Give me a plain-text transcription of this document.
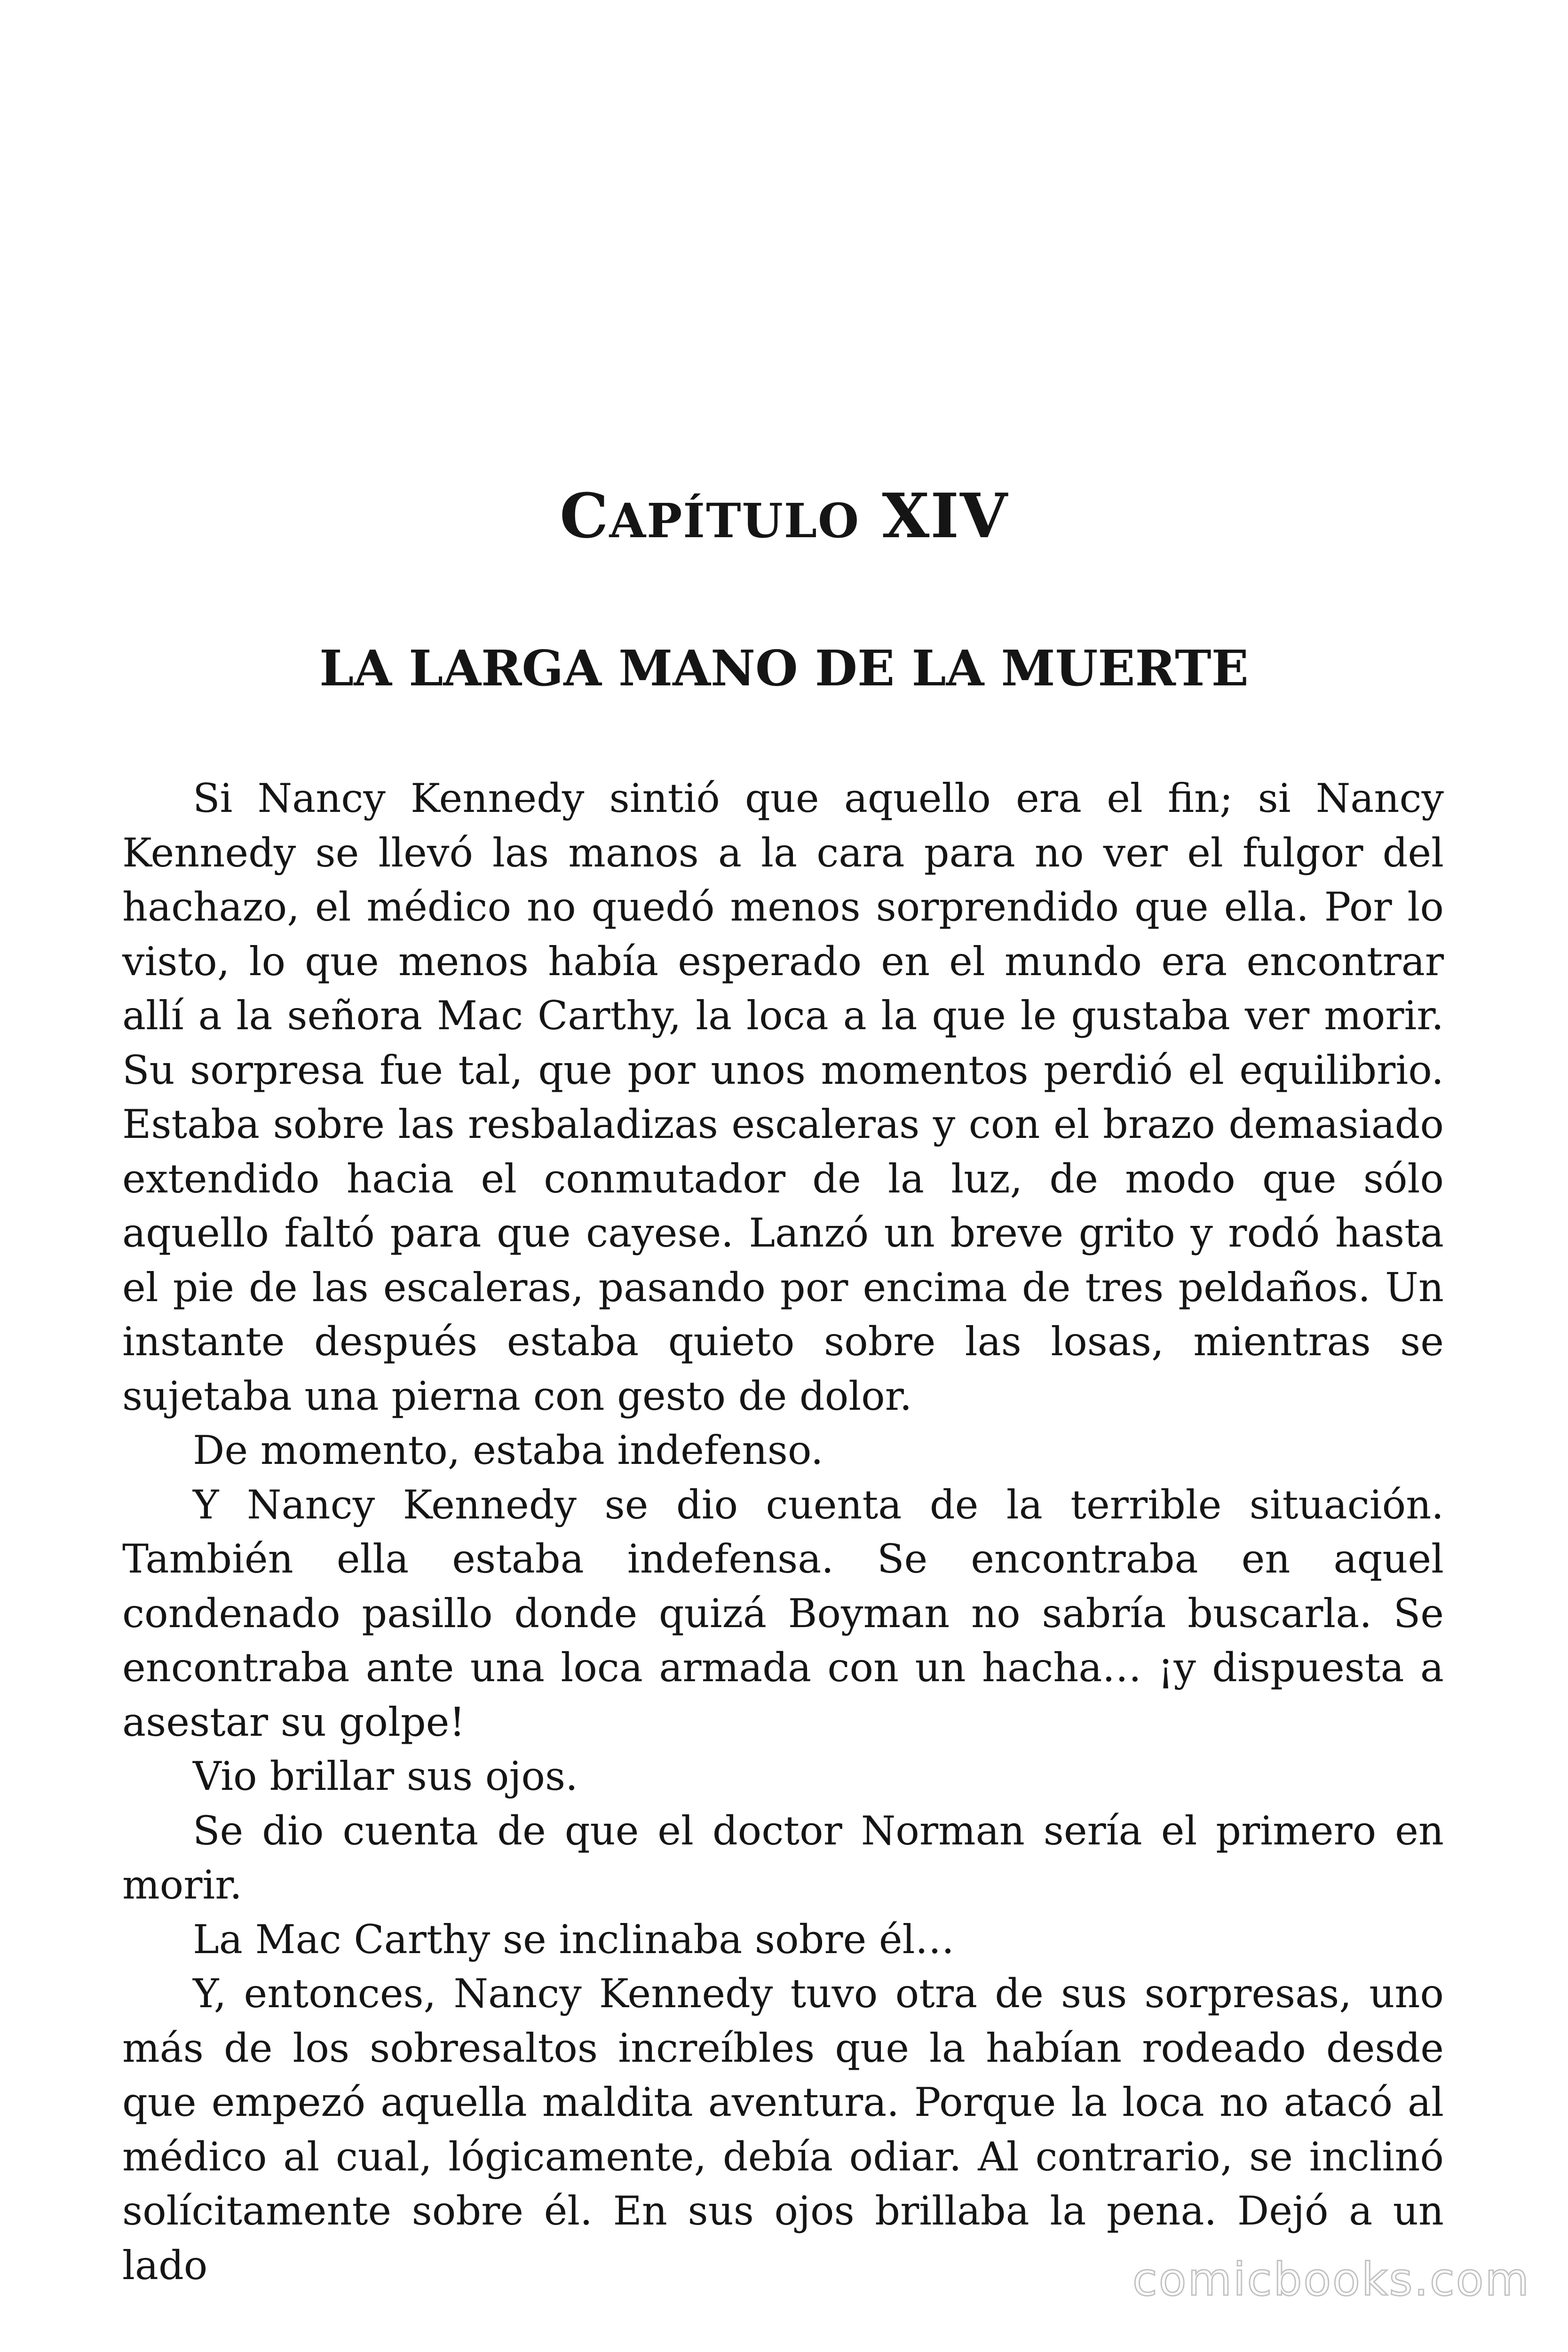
CAPÍTULO XIV
LA LARGA MANO DE LA MUERTE

Si Nancy Kennedy sintió que aquello era el fin; si Nancy Kennedy se llevó las manos a la cara para no ver el fulgor del hachazo, el médico no quedó menos sorprendido que ella. Por lo visto, lo que menos había esperado en el mundo era encontrar allí a la señora Mac Carthy, la loca a la que le gustaba ver morir. Su sorpresa fue tal, que por unos momentos perdió el equilibrio. Estaba sobre las resbaladizas escaleras y con el brazo demasiado extendido hacia el conmutador de la luz, de modo que sólo aquello faltó para que cayese. Lanzó un breve grito y rodó hasta el pie de las escaleras, pasando por encima de tres peldaños. Un instante después estaba quieto sobre las losas, mientras se sujetaba una pierna con gesto de dolor.

De momento, estaba indefenso.

Y Nancy Kennedy se dio cuenta de la terrible situación. También ella estaba indefensa. Se encontraba en aquel condenado pasillo donde quizá Boyman no sabría buscarla. Se encontraba ante una loca armada con un hacha… ¡y dispuesta a asestar su golpe!

Vio brillar sus ojos.

Se dio cuenta de que el doctor Norman sería el primero en morir.

La Mac Carthy se inclinaba sobre él…

Y, entonces, Nancy Kennedy tuvo otra de sus sorpresas, uno más de los sobresaltos increíbles que la habían rodeado desde que empezó aquella maldita aventura. Porque la loca no atacó al médico al cual, lógicamente, debía odiar. Al contrario, se inclinó solícitamente sobre él. En sus ojos brillaba la pena. Dejó a un lado	comicbooks.com
